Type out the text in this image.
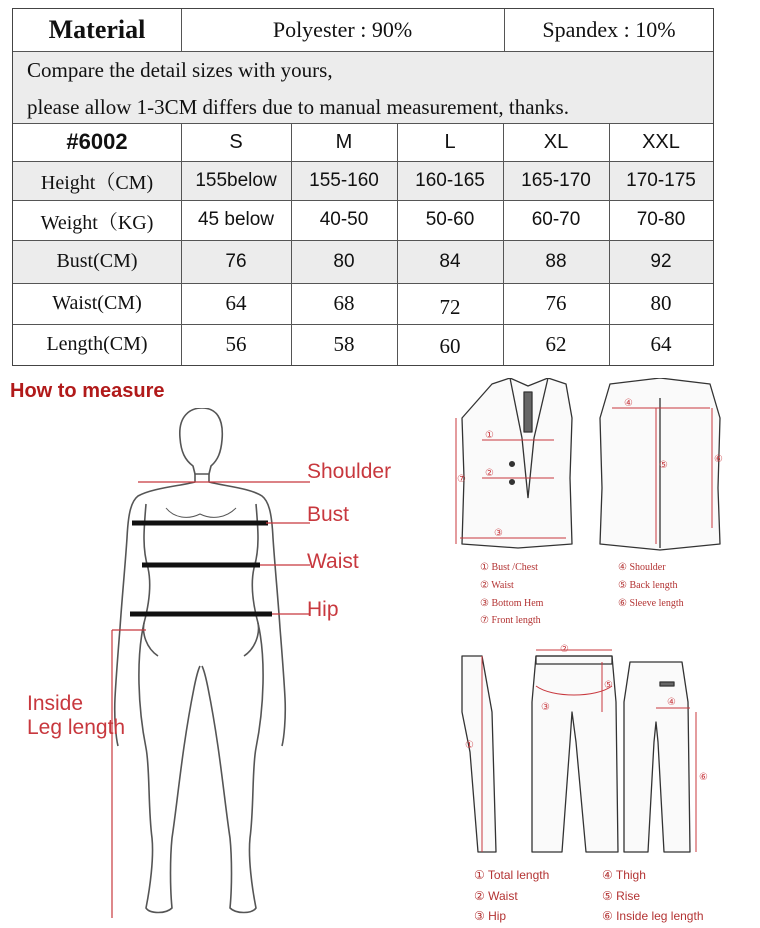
Material	Polyester : 90%	Spandex : 10%
Compare the detail sizes with yours,
please allow 1-3CM differs due to manual measurement, thanks.
#6002	S	M	L	XL	XXL
Height（CM)	155below	155-160	160-165	165-170	170-175
Weight（KG)	45 below	40-50	50-60	60-70	70-80
Bust(CM)	76	80	84	88	92
Waist(CM)	64	68	72	76	80
Length(CM)	56	58	60	62	64
How to measure
Shoulder
Bust
Waist
Hip
Inside
Leg length
①
②
③
④
⑤
⑥
⑦
① Bust /Chest
② Waist
③ Bottom Hem
⑦ Front length
④ Shoulder
⑤ Back length
⑥ Sleeve length
①
②
③	④
⑤
⑥
① Total length
② Waist
③ Hip
④ Thigh
⑤ Rise
⑥ Inside leg length
